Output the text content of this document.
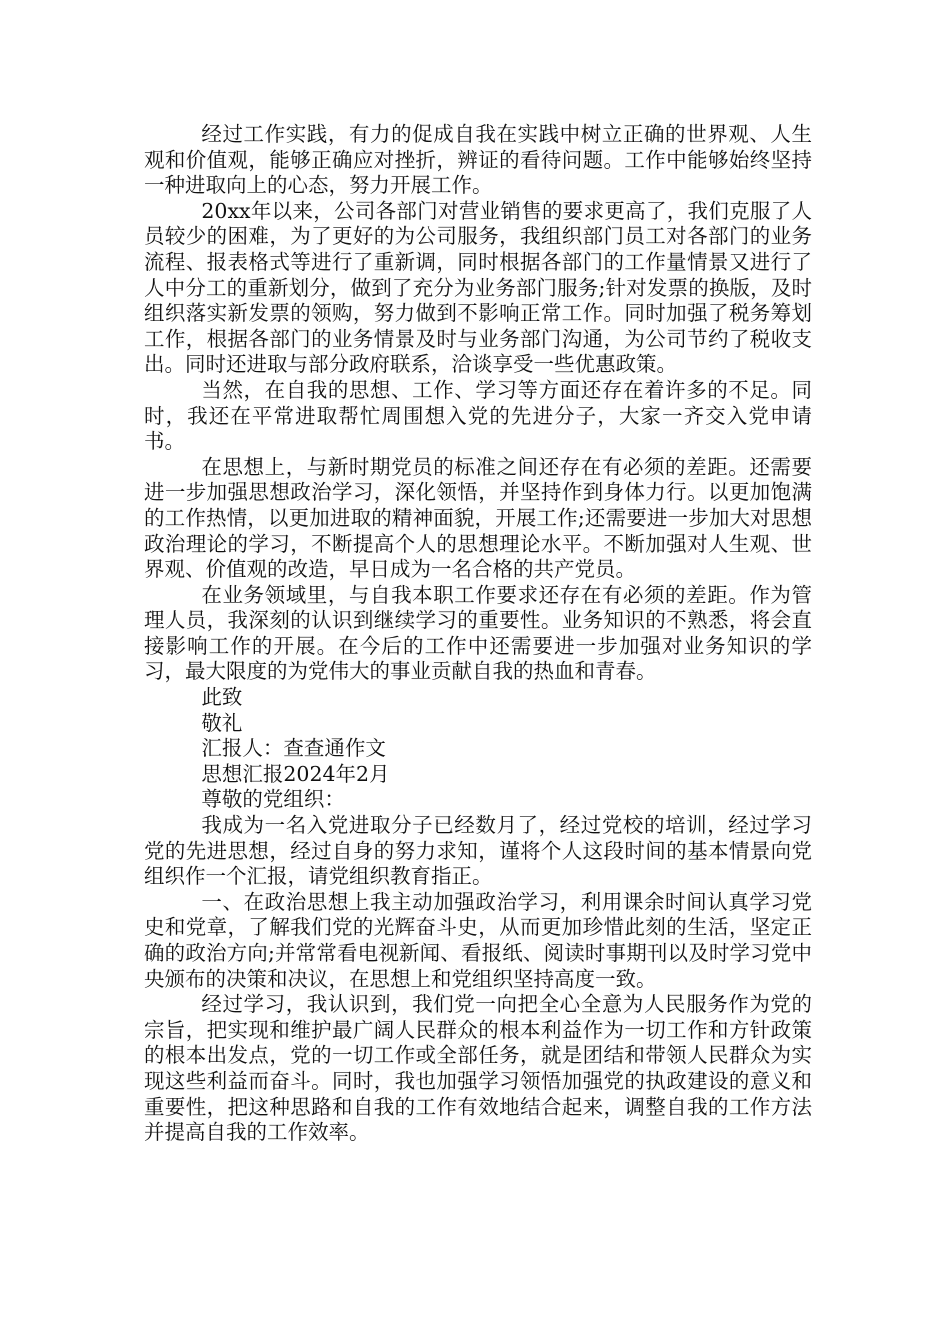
经过工作实践，有力的促成自我在实践中树立正确的世界观、人生观和价值观，能够正确应对挫折，辨证的看待问题。工作中能够始终坚持一种进取向上的心态，努力开展工作。

20xx年以来，公司各部门对营业销售的要求更高了，我们克服了人员较少的困难，为了更好的为公司服务，我组织部门员工对各部门的业务流程、报表格式等进行了重新调，同时根据各部门的工作量情景又进行了人中分工的重新划分，做到了充分为业务部门服务;针对发票的换版，及时组织落实新发票的领购，努力做到不影响正常工作。同时加强了税务筹划工作，根据各部门的业务情景及时与业务部门沟通，为公司节约了税收支出。同时还进取与部分政府联系，洽谈享受一些优惠政策。

当然，在自我的思想、工作、学习等方面还存在着许多的不足。同时，我还在平常进取帮忙周围想入党的先进分子，大家一齐交入党申请书。

在思想上，与新时期党员的标准之间还存在有必须的差距。还需要进一步加强思想政治学习，深化领悟，并坚持作到身体力行。以更加饱满的工作热情，以更加进取的精神面貌，开展工作;还需要进一步加大对思想政治理论的学习，不断提高个人的思想理论水平。不断加强对人生观、世界观、价值观的改造，早日成为一名合格的共产党员。

在业务领域里，与自我本职工作要求还存在有必须的差距。作为管理人员，我深刻的认识到继续学习的重要性。业务知识的不熟悉，将会直接影响工作的开展。在今后的工作中还需要进一步加强对业务知识的学习，最大限度的为党伟大的事业贡献自我的热血和青春。

此致

敬礼

汇报人：查查通作文

思想汇报2024年2月

尊敬的党组织：

我成为一名入党进取分子已经数月了，经过党校的培训，经过学习党的先进思想，经过自身的努力求知，谨将个人这段时间的基本情景向党组织作一个汇报，请党组织教育指正。

一、在政治思想上我主动加强政治学习，利用课余时间认真学习党史和党章，了解我们党的光辉奋斗史，从而更加珍惜此刻的生活，坚定正确的政治方向;并常常看电视新闻、看报纸、阅读时事期刊以及时学习党中央颁布的决策和决议，在思想上和党组织坚持高度一致。

经过学习，我认识到，我们党一向把全心全意为人民服务作为党的宗旨，把实现和维护最广阔人民群众的根本利益作为一切工作和方针政策的根本出发点，党的一切工作或全部任务，就是团结和带领人民群众为实现这些利益而奋斗。同时，我也加强学习领悟加强党的执政建设的意义和重要性，把这种思路和自我的工作有效地结合起来，调整自我的工作方法并提高自我的工作效率。
